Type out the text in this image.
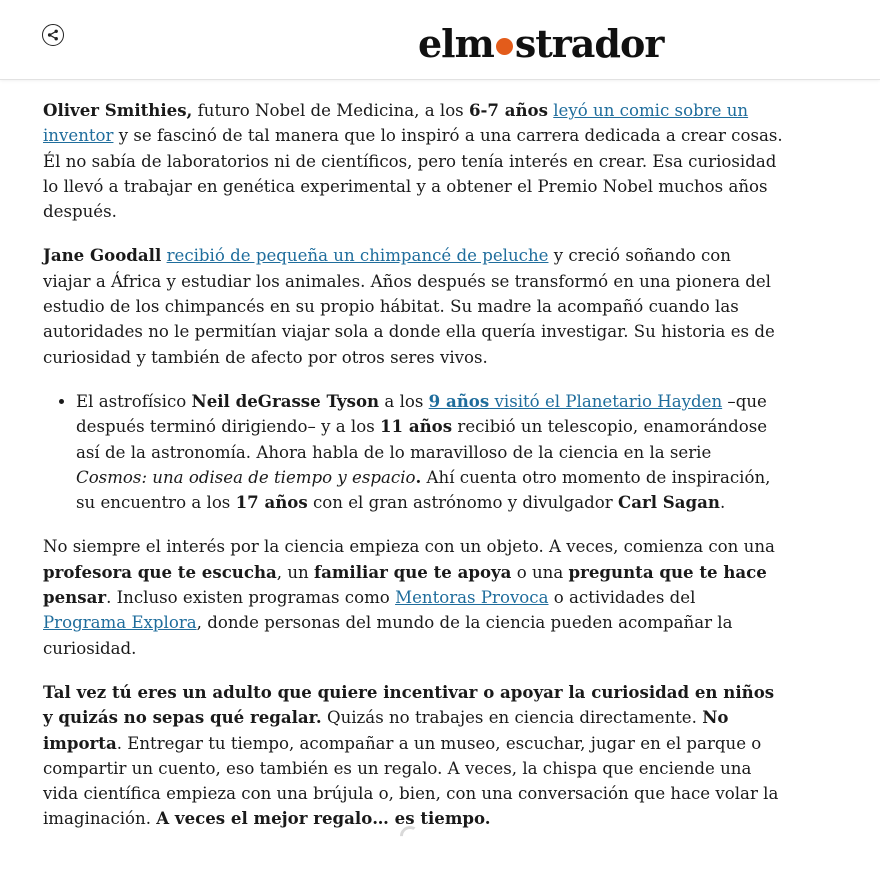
elm strador

Oliver Smithies, futuro Nobel de Medicina, a los 6-7 años leyó un comic sobre un inventor y se fascinó de tal manera que lo inspiró a una carrera dedicada a crear cosas. Él no sabía de laboratorios ni de científicos, pero tenía interés en crear. Esa curiosidad lo llevó a trabajar en genética experimental y a obtener el Premio Nobel muchos años después.

Jane Goodall recibió de pequeña un chimpancé de peluche y creció soñando con viajar a África y estudiar los animales. Años después se transformó en una pionera del estudio de los chimpancés en su propio hábitat. Su madre la acompañó cuando las autoridades no le permitían viajar sola a donde ella quería investigar. Su historia es de curiosidad y también de afecto por otros seres vivos.

• El astrofísico Neil deGrasse Tyson a los 9 años visitó el Planetario Hayden –que después terminó dirigiendo– y a los 11 años recibió un telescopio, enamorándose así de la astronomía. Ahora habla de lo maravilloso de la ciencia en la serie Cosmos: una odisea de tiempo y espacio. Ahí cuenta otro momento de inspiración, su encuentro a los 17 años con el gran astrónomo y divulgador Carl Sagan.

No siempre el interés por la ciencia empieza con un objeto. A veces, comienza con una profesora que te escucha, un familiar que te apoya o una pregunta que te hace pensar. Incluso existen programas como Mentoras Provoca o actividades del Programa Explora, donde personas del mundo de la ciencia pueden acompañar la curiosidad.

Tal vez tú eres un adulto que quiere incentivar o apoyar la curiosidad en niños y quizás no sepas qué regalar. Quizás no trabajes en ciencia directamente. No importa. Entregar tu tiempo, acompañar a un museo, escuchar, jugar en el parque o compartir un cuento, eso también es un regalo. A veces, la chispa que enciende una vida científica empieza con una brújula o, bien, con una conversación que hace volar la imaginación. A veces el mejor regalo… es tiempo.
